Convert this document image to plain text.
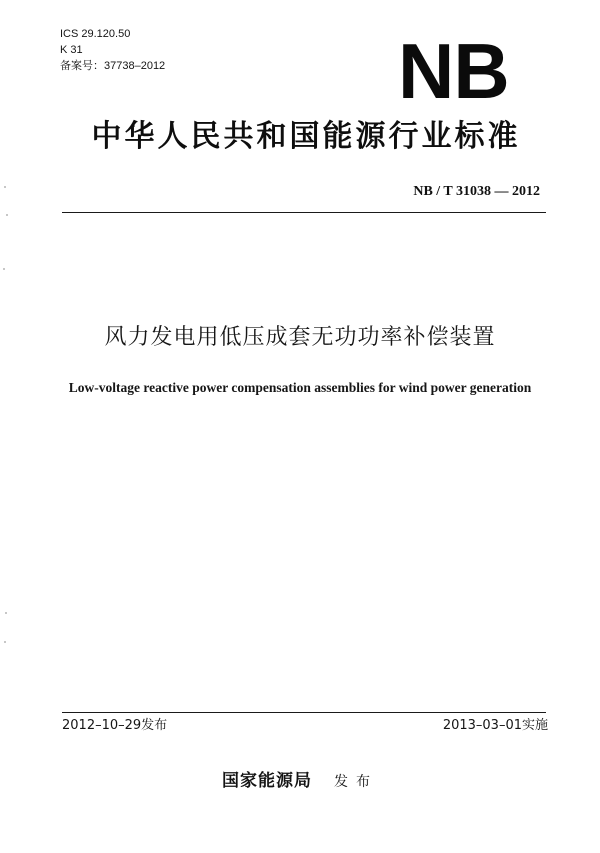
ICS 29.120.50
K 31
备案号：37738–2012	NB
中华人民共和国能源行业标准
NB / T 31038 — 2012
风力发电用低压成套无功功率补偿装置
Low-voltage reactive power compensation assemblies for wind power generation
2012–10–29发布	2013–03–01实施
国家能源局 发布
